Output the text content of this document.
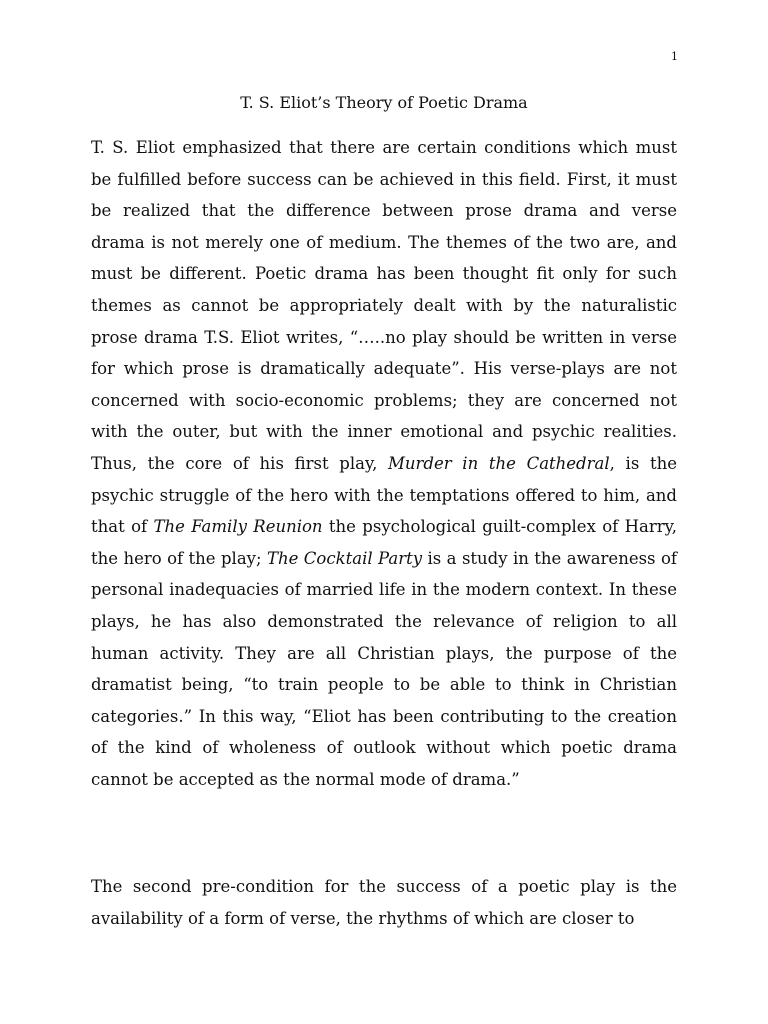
1
T. S. Eliot’s Theory of Poetic Drama

T. S. Eliot emphasized that there are certain conditions which must be fulfilled before success can be achieved in this field. First, it must be realized that the difference between prose drama and verse drama is not merely one of medium. The themes of the two are, and must be different. Poetic drama has been thought fit only for such themes as cannot be appropriately dealt with by the naturalistic prose drama T.S. Eliot writes, “…..no play should be written in verse for which prose is dramatically adequate”. His verse-plays are not concerned with socio-economic problems; they are concerned not with the outer, but with the inner emotional and psychic realities. Thus, the core of his first play, Murder in the Cathedral, is the psychic struggle of the hero with the temptations offered to him, and that of The Family Reunion the psychological guilt-complex of Harry, the hero of the play; The Cocktail Party is a study in the awareness of personal inadequacies of married life in the modern context. In these plays, he has also demonstrated the relevance of religion to all human activity. They are all Christian plays, the purpose of the dramatist being, “to train people to be able to think in Christian categories.” In this way, “Eliot has been contributing to the creation of the kind of wholeness of outlook without which poetic drama cannot be accepted as the normal mode of drama.”

The second pre-condition for the success of a poetic play is the availability of a form of verse, the rhythms of which are closer to
